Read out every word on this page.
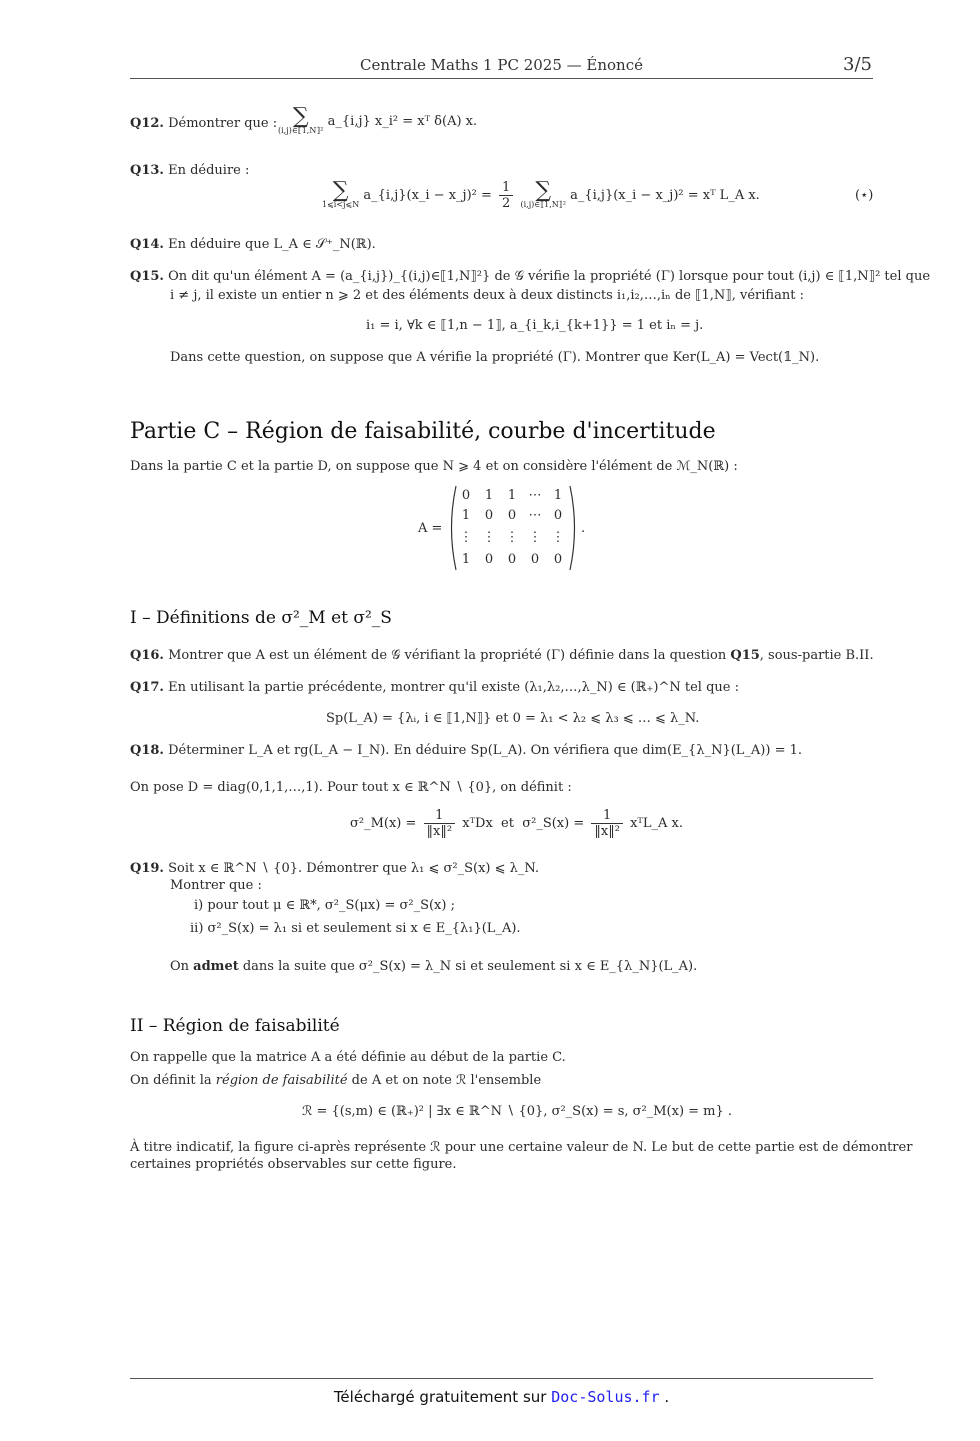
Centrale Maths 1 PC 2025 — Énoncé	3/5
Q12. Démontrer que : ∑
(i,j)∈⟦1,N⟧²
a_{i,j} x_i² = xᵀ δ(A) x.
Q13. En déduire :
∑
1⩽i<j⩽N
a_{i,j}(x_i − x_j)² = $\frac{1}{2}$
	∑
(i,j)∈⟦1,N⟧²
a_{i,j}(x_i − x_j)² = xᵀ L_A x.	(⋆)
Q14. En déduire que L_A ∈ 𝒮⁺_N(ℝ).
Q15. On dit qu'un élément A = (a_{i,j})_{(i,j)∈⟦1,N⟧²} de 𝒢 vérifie la propriété (Γ) lorsque pour tout (i,j) ∈ ⟦1,N⟧² tel que
i ≠ j, il existe un entier n ⩾ 2 et des éléments deux à deux distincts i₁,i₂,…,iₙ de ⟦1,N⟧, vérifiant :
i₁ = i, ∀k ∈ ⟦1,n − 1⟧, a_{i_k,i_{k+1}} = 1 et iₙ = j.
Dans cette question, on suppose que A vérifie la propriété (Γ). Montrer que Ker(L_A) = Vect(𝟙_N).
Partie C – Région de faisabilité, courbe d'incertitude
Dans la partie C et la partie D, on suppose que N ⩾ 4 et on considère l'élément de ℳ_N(ℝ) :
A =
0	1	1 ⋯ 1
1	0	0 ⋯ 0
⋮ ⋮ ⋮ ⋮ ⋮
1	0	0	0	0
.
I – Définitions de σ²_M et σ²_S
Q16. Montrer que A est un élément de 𝒢 vérifiant la propriété (Γ) définie dans la question Q15, sous-partie B.II.
Q17. En utilisant la partie précédente, montrer qu'il existe (λ₁,λ₂,…,λ_N) ∈ (ℝ₊)^N tel que :
Sp(L_A) = {λᵢ, i ∈ ⟦1,N⟧} et 0 = λ₁ < λ₂ ⩽ λ₃ ⩽ … ⩽ λ_N.
Q18. Déterminer L_A et rg(L_A − I_N). En déduire Sp(L_A). On vérifiera que dim(E_{λ_N}(L_A)) = 1.
On pose D = diag(0,1,1,…,1). Pour tout x ∈ ℝ^N ∖ {0}, on définit :
σ²_M(x) = $\frac{1}{\text{‖x‖²}}$ xᵀDx et σ²_S(x) = $\frac{1}{\text{‖x‖²}}$ xᵀL_A x.
Q19. Soit x ∈ ℝ^N ∖ {0}. Démontrer que λ₁ ⩽ σ²_S(x) ⩽ λ_N.
Montrer que :
i) pour tout μ ∈ ℝ*, σ²_S(μx) = σ²_S(x) ;
ii) σ²_S(x) = λ₁ si et seulement si x ∈ E_{λ₁}(L_A).
On admet dans la suite que σ²_S(x) = λ_N si et seulement si x ∈ E_{λ_N}(L_A).
II – Région de faisabilité
On rappelle que la matrice A a été définie au début de la partie C.
On définit la région de faisabilité de A et on note ℛ l'ensemble
ℛ = {(s,m) ∈ (ℝ₊)² | ∃x ∈ ℝ^N ∖ {0}, σ²_S(x) = s, σ²_M(x) = m} .
À titre indicatif, la figure ci-après représente ℛ pour une certaine valeur de N. Le but de cette partie est de démontrer
certaines propriétés observables sur cette figure.
Téléchargé gratuitement sur Doc-Solus.fr .
